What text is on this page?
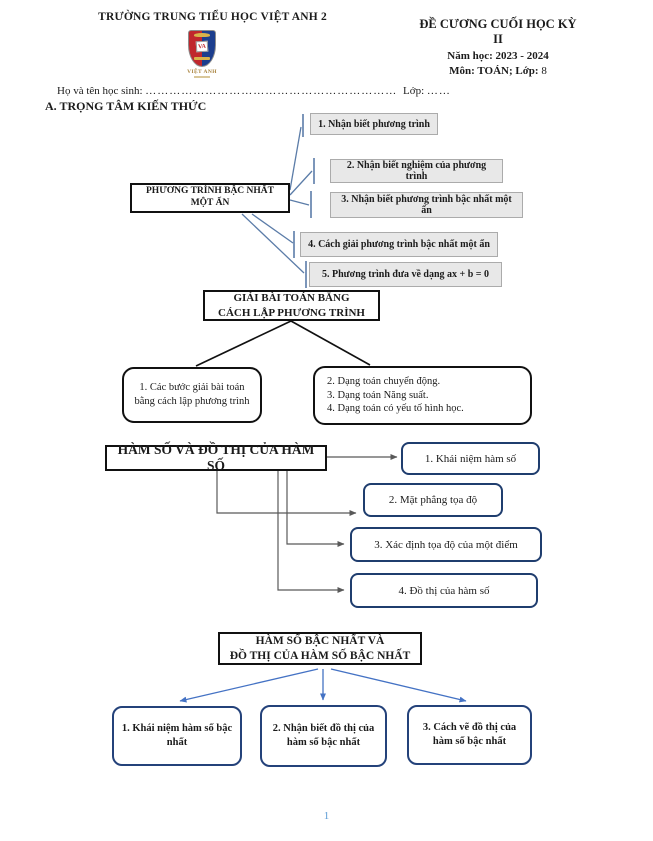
TRƯỜNG TRUNG TIỂU HỌC VIỆT ANH 2
VA
VIỆT ANH
ĐỀ CƯƠNG CUỐI HỌC KỲ II
Năm học: 2023 - 2024
Môn: TOÁN; Lớp: 8
Họ và tên học sinh: ……………………………………………………… Lớp: ……
A. TRỌNG TÂM KIẾN THỨC
PHƯƠNG TRÌNH BẬC NHẤT MỘT ẨN
1. Nhận biết phương trình
2. Nhận biết nghiệm của phương trình
3. Nhận biết phương trình bậc nhất một ẩn
4. Cách giải phương trình bậc nhất một ẩn
5. Phương trình đưa về dạng ax + b = 0
GIẢI BÀI TOÁN BẰNG
CÁCH LẬP PHƯƠNG TRÌNH
1. Các bước giải bài toán bằng cách lập phương trình
2. Dạng toán chuyển động.
3. Dạng toán Năng suất.
4. Dạng toán có yếu tố hình học.
HÀM SỐ VÀ ĐỒ THỊ CỦA HÀM SỐ	1. Khái niệm hàm số
2. Mặt phẳng tọa độ
3. Xác định tọa độ của một điểm
4. Đồ thị của hàm số
HÀM SỐ BẬC NHẤT VÀ
ĐỒ THỊ CỦA HÀM SỐ BẬC NHẤT
1. Khái niệm hàm số bậc nhất
2. Nhận biết đồ thị của hàm số bậc nhất
3. Cách vẽ đồ thị của hàm số bậc nhất
1
